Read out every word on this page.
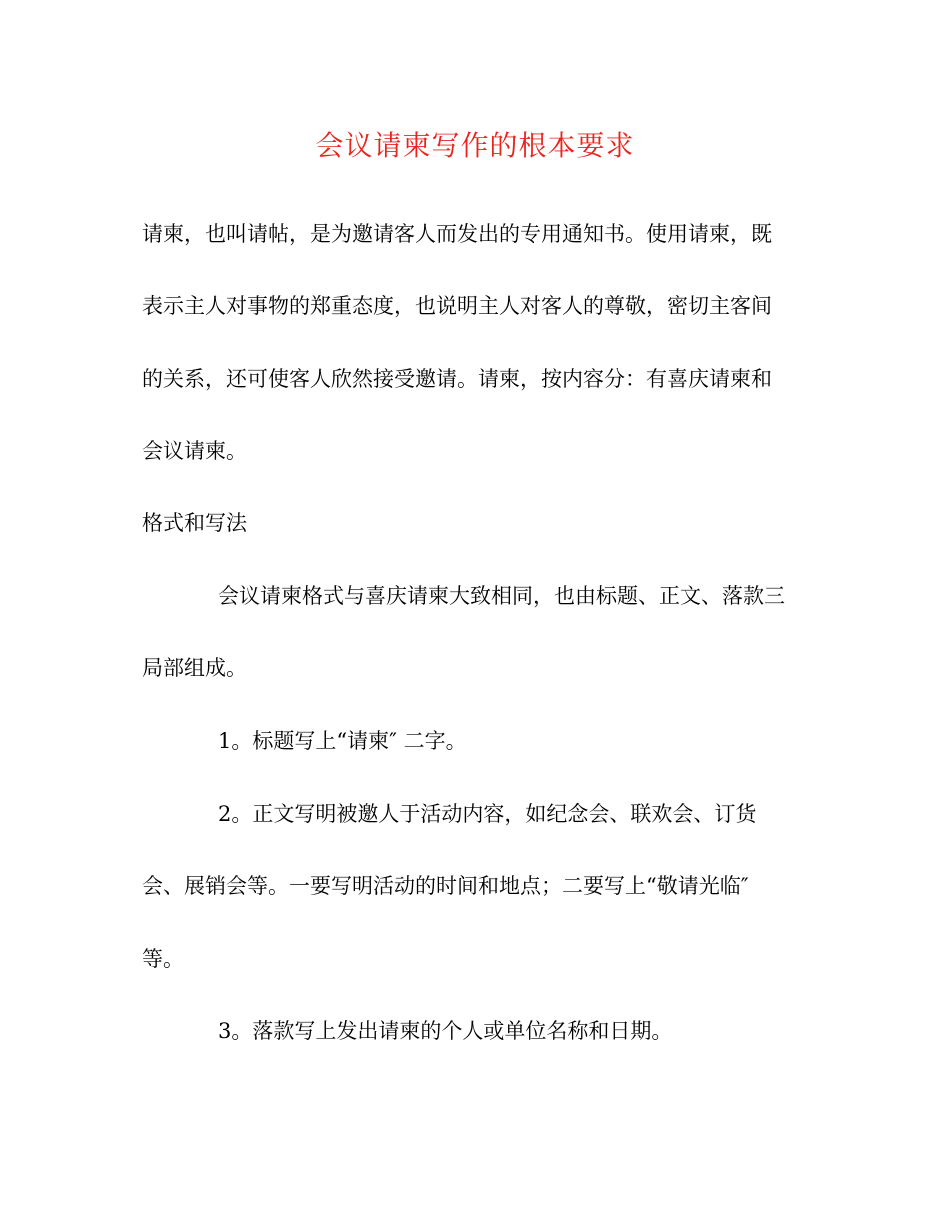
会议请柬写作的根本要求
请柬，也叫请帖，是为邀请客人而发出的专用通知书。使用请柬，既
表示主人对事物的郑重态度，也说明主人对客人的尊敬，密切主客间
的关系，还可使客人欣然接受邀请。请柬，按内容分：有喜庆请柬和
会议请柬。
格式和写法
会议请柬格式与喜庆请柬大致相同，也由标题、正文、落款三
局部组成。
1。标题写上“请柬″ 二字。
2。正文写明被邀人于活动内容，如纪念会、联欢会、订货
会、展销会等。一要写明活动的时间和地点；二要写上“敬请光临″
等。
3。落款写上发出请柬的个人或单位名称和日期。
